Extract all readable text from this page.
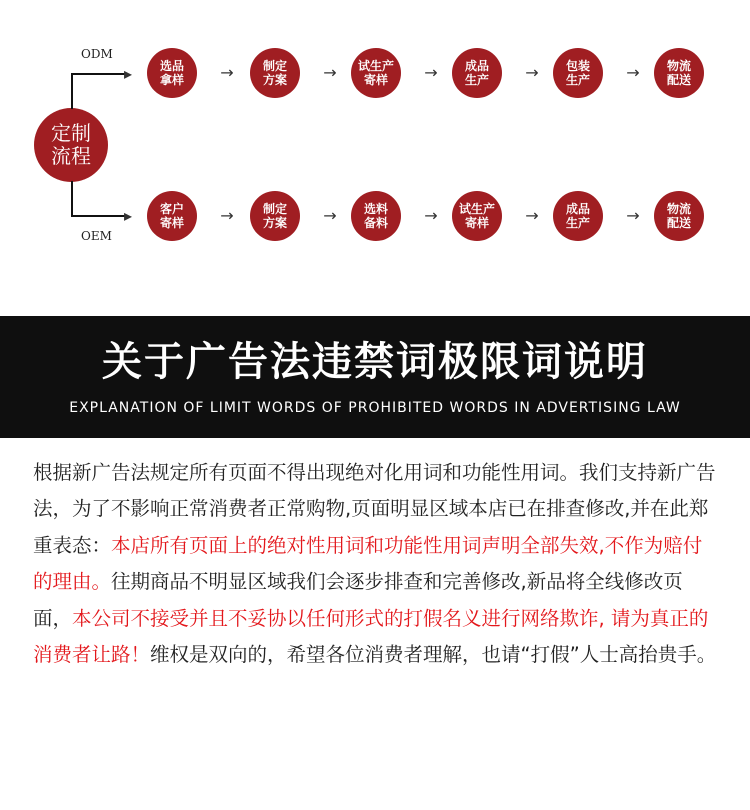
定制
流程
▸
▸
ODM
OEM
选品
拿样 → 制定
方案 → 试生产
寄样	→ 成品
生产 → 包装
生产 → 物流
配送
客户
寄样 → 制定
方案 → 选料
备料 → 试生产
寄样	→ 成品
生产 → 物流
配送
关于广告法违禁词极限词说明
EXPLANATION OF LIMIT WORDS OF PROHIBITED WORDS IN ADVERTISING LAW
根据新广告法规定所有页面不得出现绝对化用词和功能性用词。我们支持新广告法，为了不影响正常消费者正常购物,页面明显区域本店已在排查修改,并在此郑重表态：本店所有页面上的绝对性用词和功能性用词声明全部失效,不作为赔付的理由。往期商品不明显区域我们会逐步排查和完善修改,新品将全线修改页面，本公司不接受并且不妥协以任何形式的打假名义进行网络欺诈, 请为真正的消费者让路！维权是双向的，希望各位消费者理解，也请“打假”人士高抬贵手。
